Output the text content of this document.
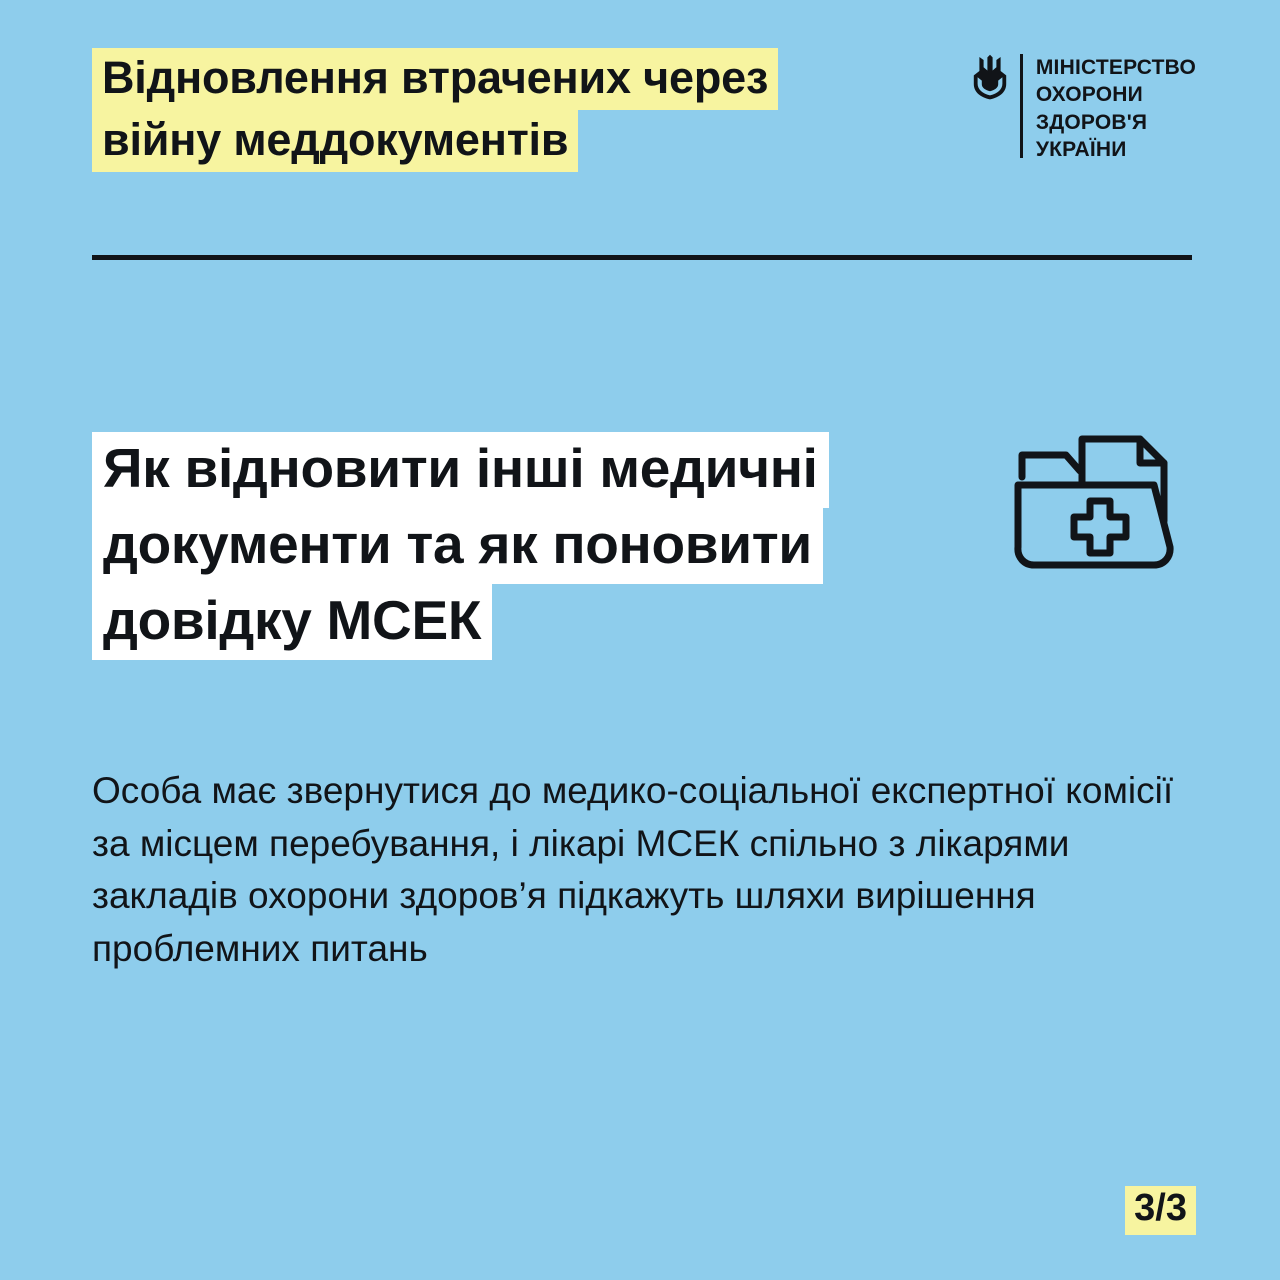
Відновлення втрачених через
війну меддокументів
МІНІСТЕРСТВО
ОХОРОНИ
ЗДОРОВ'Я
УКРАЇНИ
Як відновити інші медичні
документи та як поновити
довідку МСЕК

Особа має звернутися до медико-соціальної експертної комісії за місцем перебування, і лікарі МСЕК спільно з лікарями закладів охорони здоров’я підкажуть шляхи вирішення проблемних питань

3/3
